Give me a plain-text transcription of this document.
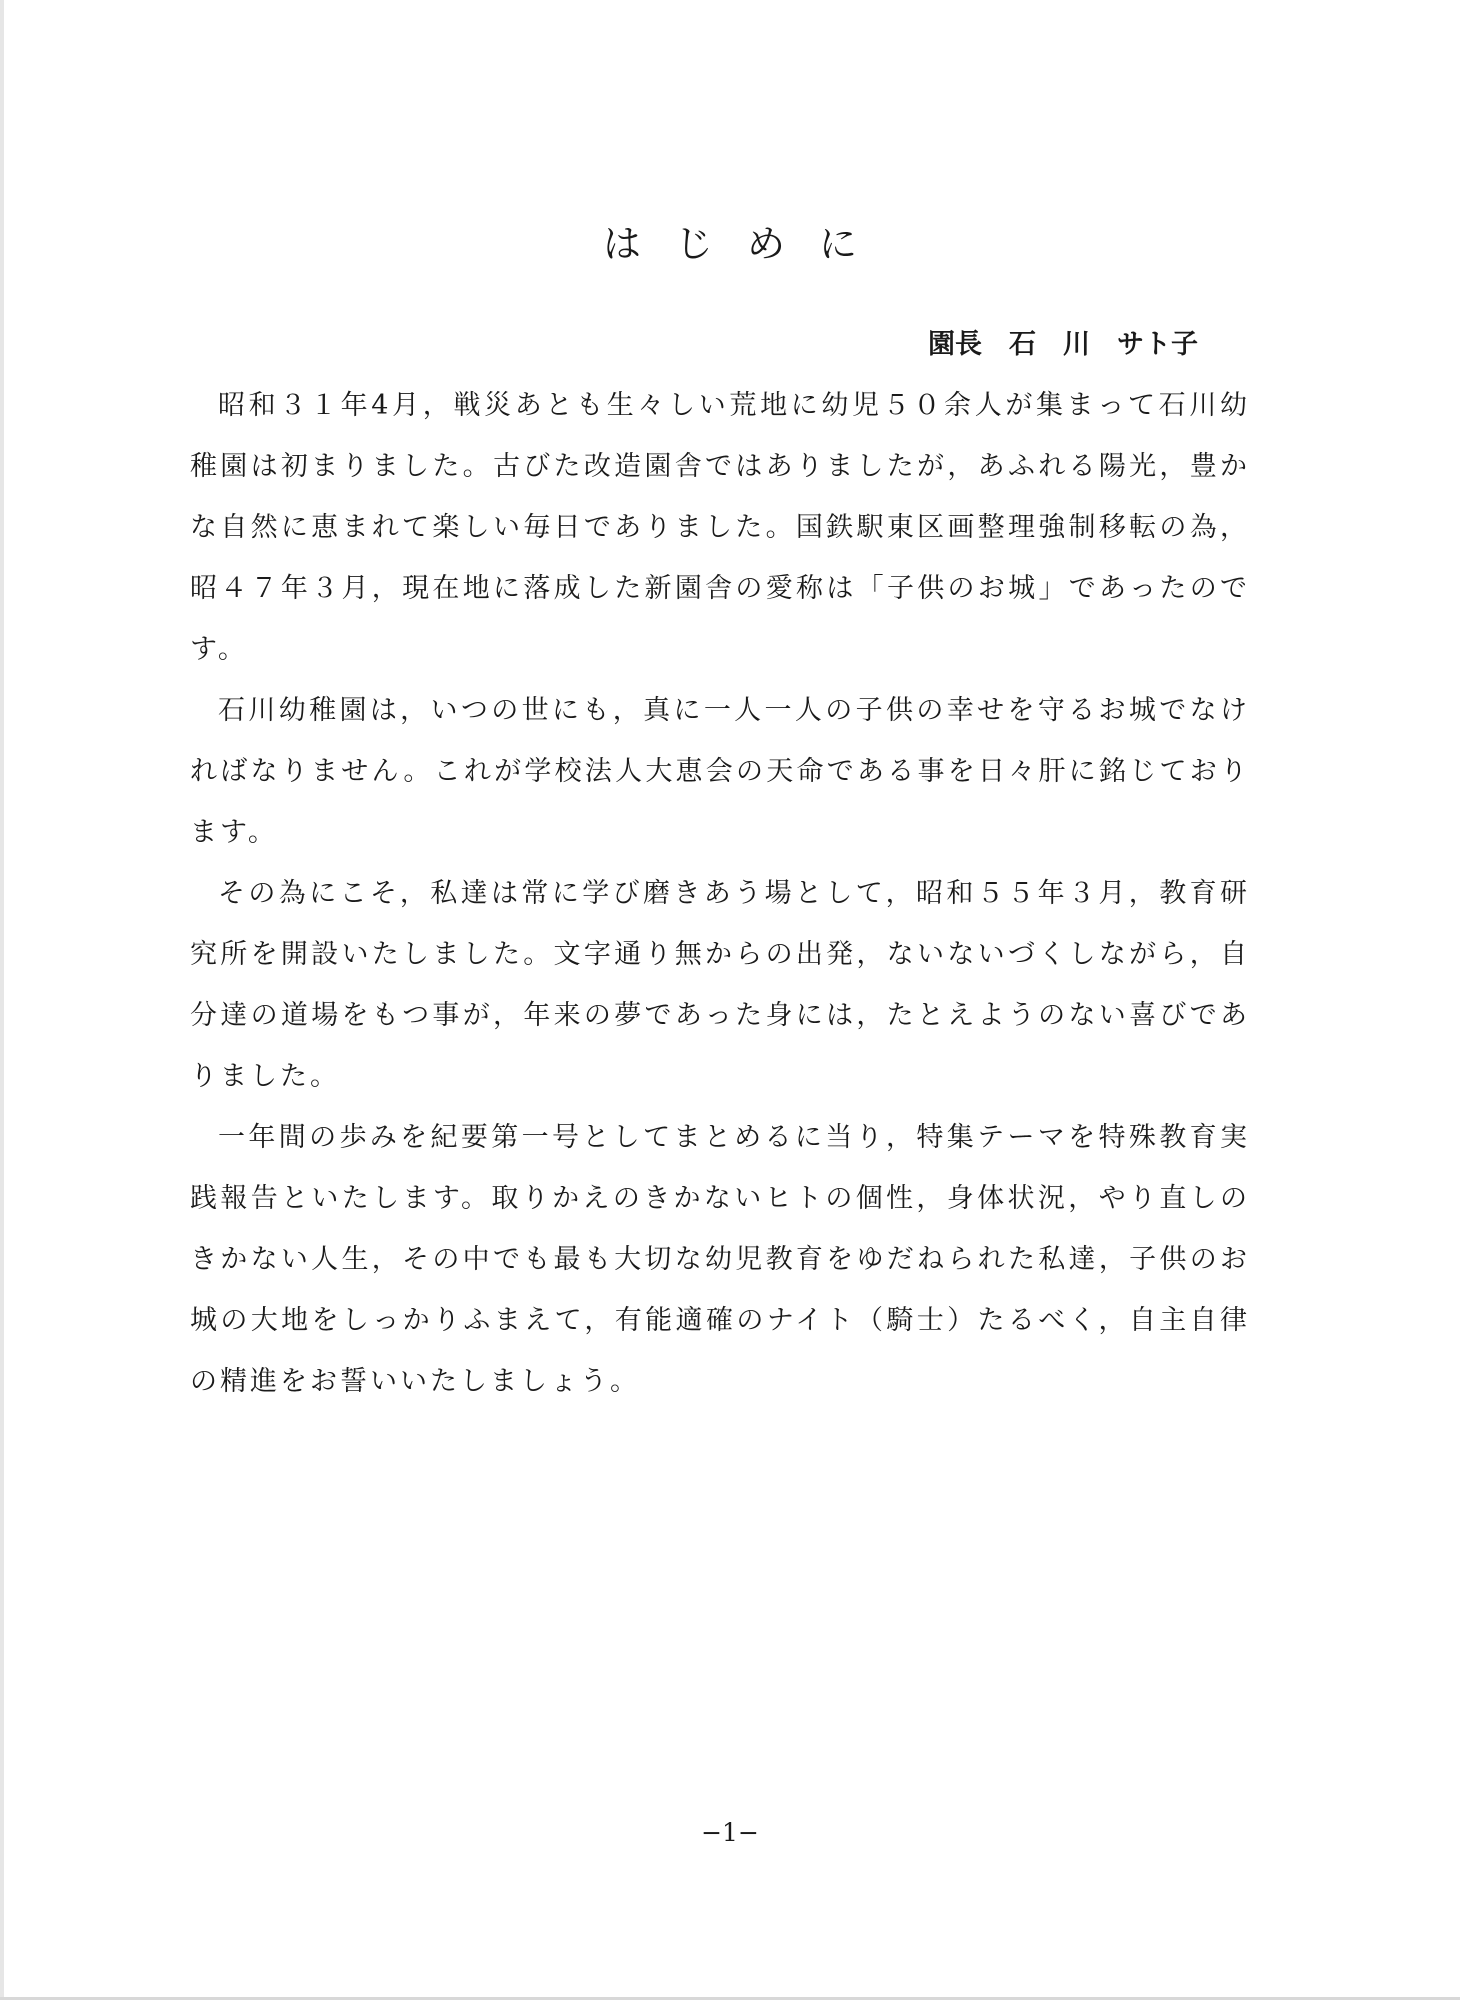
はじめに
園長　石　川　サト子

昭和３１年4月，戦災あとも生々しい荒地に幼児５０余人が集まって石川幼稚園は初まりました。古びた改造園舎ではありましたが，あふれる陽光，豊かな自然に恵まれて楽しい毎日でありました。国鉄駅東区画整理強制移転の為，昭４７年３月，現在地に落成した新園舎の愛称は「子供のお城」であったのです。

石川幼稚園は，いつの世にも，真に一人一人の子供の幸せを守るお城でなければなりません。これが学校法人大恵会の天命である事を日々肝に銘じております。

その為にこそ，私達は常に学び磨きあう場として，昭和５５年３月，教育研究所を開設いたしました。文字通り無からの出発，ないないづくしながら，自分達の道場をもつ事が，年来の夢であった身には，たとえようのない喜びでありました。

一年間の歩みを紀要第一号としてまとめるに当り，特集テーマを特殊教育実践報告といたします。取りかえのきかないヒトの個性，身体状況，やり直しのきかない人生，その中でも最も大切な幼児教育をゆだねられた私達，子供のお城の大地をしっかりふまえて，有能適確のナイト（騎士）たるべく，自主自律の精進をお誓いいたしましょう。

−1−
